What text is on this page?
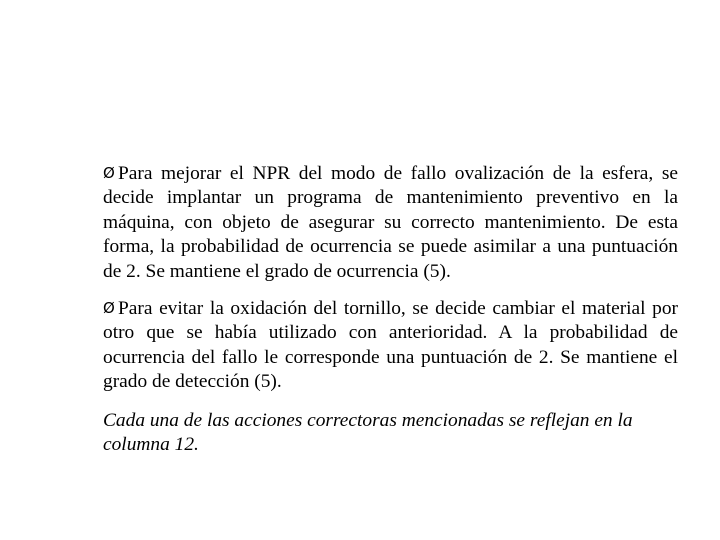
Ø Para mejorar el NPR del modo de fallo ovalización de la esfera, se decide implantar un programa de mantenimiento preventivo en la máquina, con objeto de asegurar su correcto mantenimiento. De esta forma, la probabilidad de ocurrencia se puede asimilar a una puntuación de 2. Se mantiene el grado de ocurrencia (5).

Ø Para evitar la oxidación del tornillo, se decide cambiar el material por otro que se había utilizado con anterioridad. A la probabilidad de ocurrencia del fallo le corresponde una puntuación de 2. Se mantiene el grado de detección (5).

Cada una de las acciones correctoras mencionadas se reflejan en la columna 12.
